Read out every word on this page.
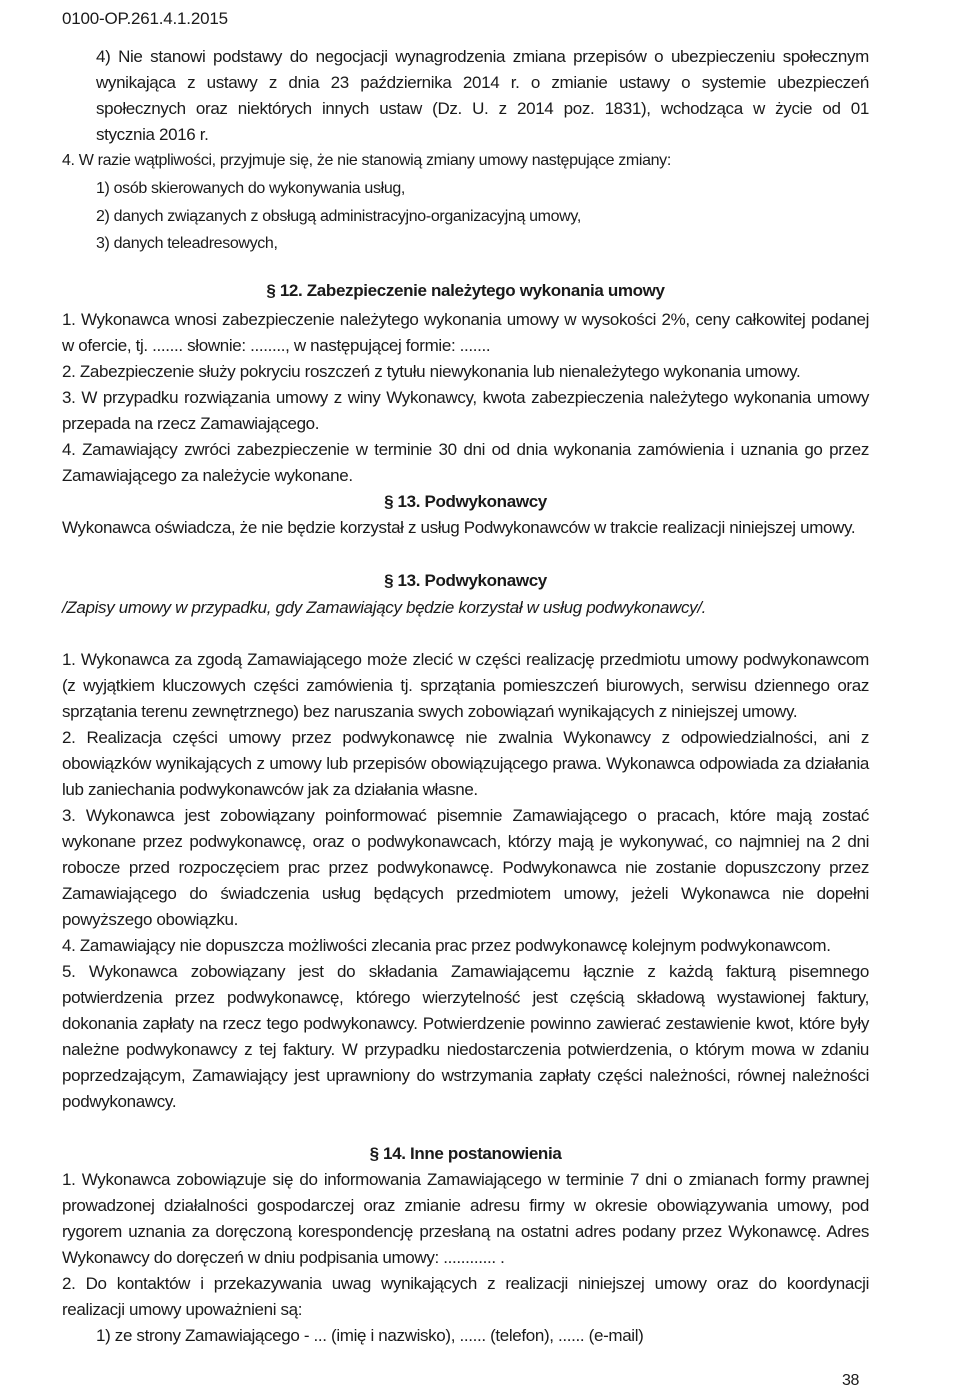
0100-OP.261.4.1.2015
4) Nie stanowi podstawy do negocjacji wynagrodzenia zmiana przepisów o ubezpieczeniu społecznym
wynikająca z ustawy z dnia 23 października 2014 r. o zmianie ustawy o systemie ubezpieczeń
społecznych oraz niektórych innych ustaw (Dz. U. z 2014 poz. 1831), wchodząca w życie od 01
stycznia 2016 r.
4. W razie wątpliwości, przyjmuje się, że nie stanowią zmiany umowy następujące zmiany:
1) osób skierowanych do wykonywania usług,
2) danych związanych z obsługą administracyjno-organizacyjną umowy,
3) danych teleadresowych,
§ 12. Zabezpieczenie należytego wykonania umowy
1. Wykonawca wnosi zabezpieczenie należytego wykonania umowy w wysokości 2%, ceny całkowitej podanej
w ofercie, tj. ....... słownie: ........, w następującej formie: .......
2. Zabezpieczenie służy pokryciu roszczeń z tytułu niewykonania lub nienależytego wykonania umowy.
3. W przypadku rozwiązania umowy z winy Wykonawcy, kwota zabezpieczenia należytego wykonania umowy
przepada na rzecz Zamawiającego.
4. Zamawiający zwróci zabezpieczenie w terminie 30 dni od dnia wykonania zamówienia i uznania go przez
Zamawiającego za należycie wykonane.
§ 13. Podwykonawcy
Wykonawca oświadcza, że nie będzie korzystał z usług Podwykonawców w trakcie realizacji niniejszej umowy.
§ 13. Podwykonawcy
/Zapisy umowy w przypadku, gdy Zamawiający będzie korzystał w usług podwykonawcy/.
1. Wykonawca za zgodą Zamawiającego może zlecić w części realizację przedmiotu umowy podwykonawcom
(z wyjątkiem kluczowych części zamówienia tj. sprzątania pomieszczeń biurowych, serwisu dziennego oraz
sprzątania terenu zewnętrznego) bez naruszania swych zobowiązań wynikających z niniejszej umowy.
2. Realizacja części umowy przez podwykonawcę nie zwalnia Wykonawcy z odpowiedzialności, ani z
obowiązków wynikających z umowy lub przepisów obowiązującego prawa. Wykonawca odpowiada za działania
lub zaniechania podwykonawców jak za działania własne.
3. Wykonawca jest zobowiązany poinformować pisemnie Zamawiającego o pracach, które mają zostać
wykonane przez podwykonawcę, oraz o podwykonawcach, którzy mają je wykonywać, co najmniej na 2 dni
robocze przed rozpoczęciem prac przez podwykonawcę. Podwykonawca nie zostanie dopuszczony przez
Zamawiającego do świadczenia usług będących przedmiotem umowy, jeżeli Wykonawca nie dopełni
powyższego obowiązku.
4. Zamawiający nie dopuszcza możliwości zlecania prac przez podwykonawcę kolejnym podwykonawcom.
5. Wykonawca zobowiązany jest do składania Zamawiającemu łącznie z każdą fakturą pisemnego
potwierdzenia przez podwykonawcę, którego wierzytelność jest częścią składową wystawionej faktury,
dokonania zapłaty na rzecz tego podwykonawcy. Potwierdzenie powinno zawierać zestawienie kwot, które były
należne podwykonawcy z tej faktury. W przypadku niedostarczenia potwierdzenia, o którym mowa w zdaniu
poprzedzającym, Zamawiający jest uprawniony do wstrzymania zapłaty części należności, równej należności
podwykonawcy.
§ 14. Inne postanowienia
1. Wykonawca zobowiązuje się do informowania Zamawiającego w terminie 7 dni o zmianach formy prawnej
prowadzonej działalności gospodarczej oraz zmianie adresu firmy w okresie obowiązywania umowy, pod
rygorem uznania za doręczoną korespondencję przesłaną na ostatni adres podany przez Wykonawcę. Adres
Wykonawcy do doręczeń w dniu podpisania umowy: ............ .
2. Do kontaktów i przekazywania uwag wynikających z realizacji niniejszej umowy oraz do koordynacji
realizacji umowy upoważnieni są:
1) ze strony Zamawiającego - ... (imię i nazwisko), ...... (telefon), ...... (e-mail)
38
